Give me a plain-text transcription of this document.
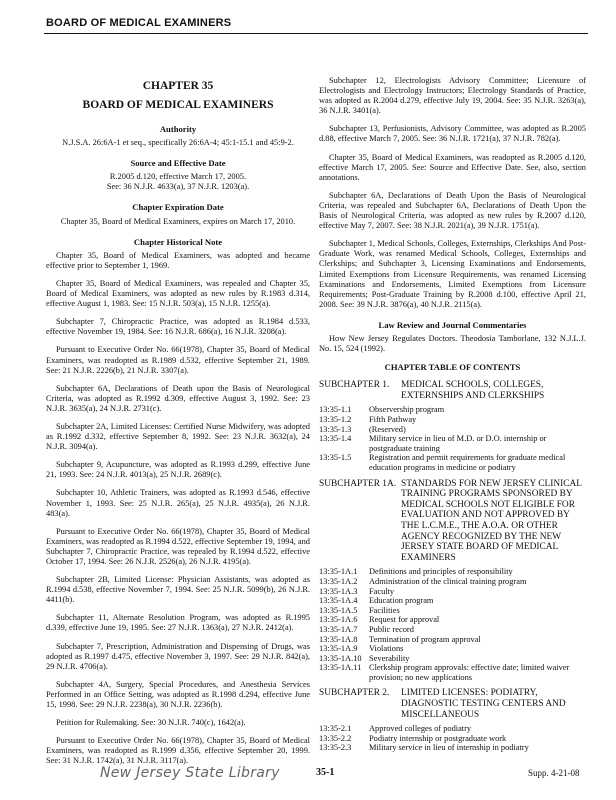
BOARD OF MEDICAL EXAMINERS
CHAPTER 35
BOARD OF MEDICAL EXAMINERS
Authority
N.J.S.A. 26:6A-1 et seq., specifically 26:6A-4; 45:1-15.1 and 45:9-2.
Source and Effective Date
R.2005 d.120, effective March 17, 2005.
See: 36 N.J.R. 4633(a), 37 N.J.R. 1203(a).
Chapter Expiration Date
Chapter 35, Board of Medical Examiners, expires on March 17, 2010.
Chapter Historical Note
Chapter 35, Board of Medical Examiners, was adopted and became effective prior to September 1, 1969.
Chapter 35, Board of Medical Examiners, was repealed and Chapter 35, Board of Medical Examiners, was adopted as new rules by R.1983 d.314, effective August 1, 1983. See: 15 N.J.R. 503(a), 15 N.J.R. 1255(a).
Subchapter 7, Chiropractic Practice, was adopted as R.1984 d.533, effective November 19, 1984. See: 16 N.J.R. 686(a), 16 N.J.R. 3208(a).
Pursuant to Executive Order No. 66(1978), Chapter 35, Board of Medical Examiners, was readopted as R.1989 d.532, effective September 21, 1989. See: 21 N.J.R. 2226(b), 21 N.J.R. 3307(a).
Subchapter 6A, Declarations of Death upon the Basis of Neurological Criteria, was adopted as R.1992 d.309, effective August 3, 1992. See: 23 N.J.R. 3635(a), 24 N.J.R. 2731(c).
Subchapter 2A, Limited Licenses: Certified Nurse Midwifery, was adopted as R.1992 d.332, effective September 8, 1992. See: 23 N.J.R. 3632(a), 24 N.J.R. 3094(a).
Subchapter 9, Acupuncture, was adopted as R.1993 d.299, effective June 21, 1993. See: 24 N.J.R. 4013(a), 25 N.J.R. 2689(c).
Subchapter 10, Athletic Trainers, was adopted as R.1993 d.546, effective November 1, 1993. See: 25 N.J.R. 265(a), 25 N.J.R. 4935(a), 26 N.J.R. 483(a).
Pursuant to Executive Order No. 66(1978), Chapter 35, Board of Medical Examiners, was readopted as R.1994 d.522, effective September 19, 1994, and Subchapter 7, Chiropractic Practice, was repealed by R.1994 d.522, effective October 17, 1994. See: 26 N.J.R. 2526(a), 26 N.J.R. 4195(a).
Subchapter 2B, Limited License: Physician Assistants, was adopted as R.1994 d.538, effective November 7, 1994. See: 25 N.J.R. 5099(b), 26 N.J.R. 4411(b).
Subchapter 11, Alternate Resolution Program, was adopted as R.1995 d.339, effective June 19, 1995. See: 27 N.J.R. 1363(a), 27 N.J.R. 2412(a).
Subchapter 7, Prescription, Administration and Dispensing of Drugs, was adopted as R.1997 d.475, effective November 3, 1997. See: 29 N.J.R. 842(a), 29 N.J.R. 4706(a).
Subchapter 4A, Surgery, Special Procedures, and Anesthesia Services Performed in an Office Setting, was adopted as R.1998 d.294, effective June 15, 1998. See: 29 N.J.R. 2238(a), 30 N.J.R. 2236(b).
Petition for Rulemaking. See: 30 N.J.R. 740(c), 1642(a).
Pursuant to Executive Order No. 66(1978), Chapter 35, Board of Medical Examiners, was readopted as R.1999 d.356, effective September 20, 1999. See: 31 N.J.R. 1742(a), 31 N.J.R. 3117(a).
Subchapter 12, Electrologists Advisory Committee; Licensure of Electrologists and Electrology Instructors; Electrology Standards of Practice, was adopted as R.2004 d.279, effective July 19, 2004. See: 35 N.J.R. 3263(a), 36 N.J.R. 3401(a).
Subchapter 13, Perfusionists, Advisory Committee, was adopted as R.2005 d.88, effective March 7, 2005. See: 36 N.J.R. 1721(a), 37 N.J.R. 782(a).
Chapter 35, Board of Medical Examiners, was readopted as R.2005 d.120, effective March 17, 2005. See: Source and Effective Date. See, also, section annotations.
Subchapter 6A, Declarations of Death Upon the Basis of Neurological Criteria, was repealed and Subchapter 6A, Declarations of Death Upon the Basis of Neurological Criteria, was adopted as new rules by R.2007 d.120, effective May 7, 2007. See: 38 N.J.R. 2021(a), 39 N.J.R. 1751(a).
Subchapter 1, Medical Schools, Colleges, Externships, Clerkships And Post-Graduate Work, was renamed Medical Schools, Colleges, Externships and Clerkships; and Subchapter 3, Licensing Examinations and Endorsements, Limited Exemptions from Licensure Requirements, was renamed Licensing Examinations and Endorsements, Limited Exemptions from Licensure Requirements; Post-Graduate Training by R.2008 d.100, effective April 21, 2008. See: 39 N.J.R. 3876(a), 40 N.J.R. 2115(a).
Law Review and Journal Commentaries
How New Jersey Regulates Doctors. Theodosia Tamborlane, 132 N.J.L.J. No. 15, 524 (1992).
CHAPTER TABLE OF CONTENTS
SUBCHAPTER 1.	MEDICAL SCHOOLS, COLLEGES, EXTERNSHIPS AND CLERKSHIPS
13:35-1.1	Observership program
13:35-1.2	Fifth Pathway
13:35-1.3	(Reserved)
13:35-1.4	Military service in lieu of M.D. or D.O. internship or postgraduate training
13:35-1.5	Registration and permit requirements for graduate medical education programs in medicine or podiatry
SUBCHAPTER 1A. STANDARDS FOR NEW JERSEY CLINICAL TRAINING PROGRAMS SPONSORED BY MEDICAL SCHOOLS NOT ELIGIBLE FOR EVALUATION AND NOT APPROVED BY THE L.C.M.E., THE A.O.A. OR OTHER AGENCY RECOGNIZED BY THE NEW JERSEY STATE BOARD OF MEDICAL EXAMINERS
13:35-1A.1	Definitions and principles of responsibility
13:35-1A.2	Administration of the clinical training program
13:35-1A.3	Faculty
13:35-1A.4	Education program
13:35-1A.5	Facilities
13:35-1A.6	Request for approval
13:35-1A.7	Public record
13:35-1A.8	Termination of program approval
13:35-1A.9	Violations
13:35-1A.10 Severability
13:35-1A.11 Clerkship program approvals: effective date; limited waiver provision; no new applications
SUBCHAPTER 2.	LIMITED LICENSES: PODIATRY, DIAGNOSTIC TESTING CENTERS AND MISCELLANEOUS
13:35-2.1	Approved colleges of podiatry
13:35-2.2	Podiatry internship or postgraduate work
13:35-2.3	Military service in lieu of internship in podiatry
New Jersey State Library	35-1	Supp. 4-21-08
